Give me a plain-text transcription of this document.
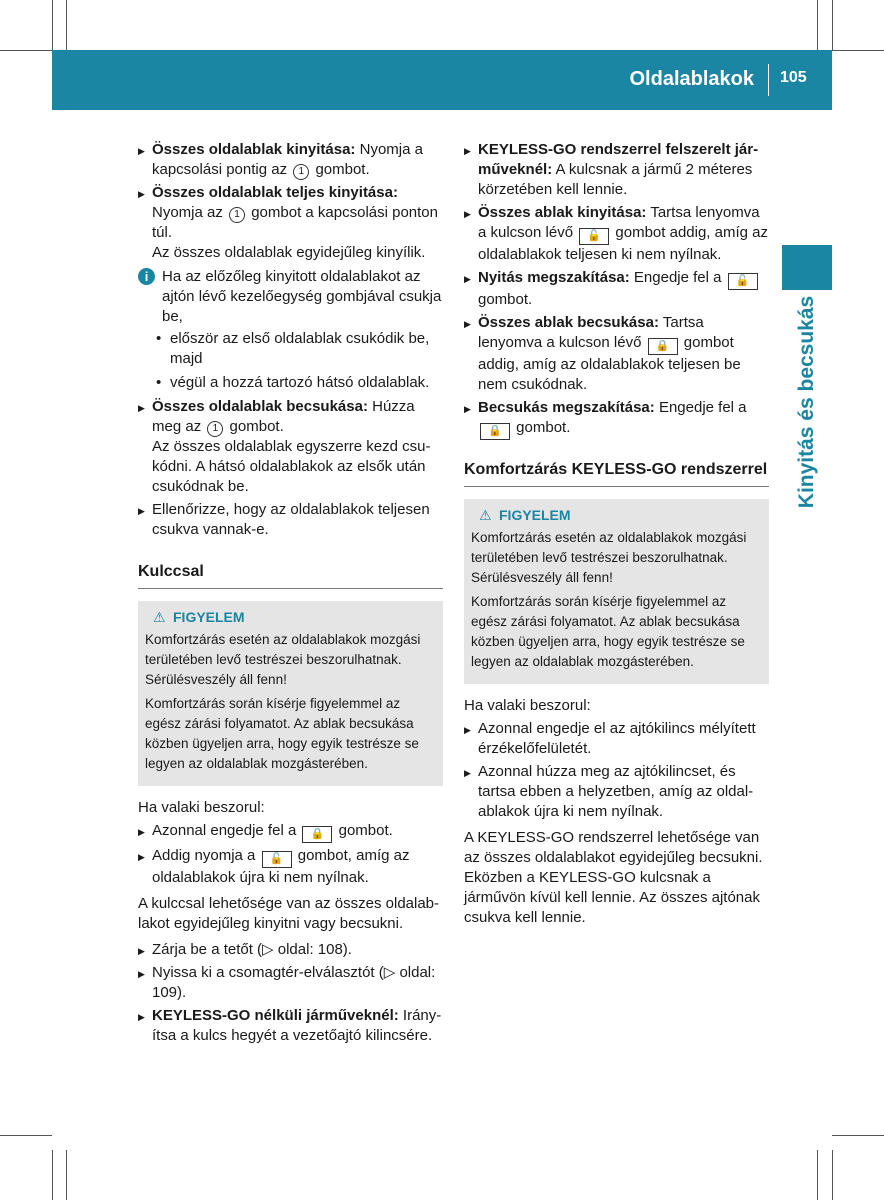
Oldalablakok 105
Kinyitás és becsukás
▶ Összes oldalablak kinyitása: Nyomja a kapcsolási pontig az 1 gombot.
▶ Összes oldalablak teljes kinyitása:
Nyomja az 1 gombot a kapcsolási ponton túl.
Az összes oldalablak egyidejűleg kinyílik.
i Ha az előzőleg kinyitott oldalablakot az ajtón lévő kezelőegység gombjával csukja be,
• először az első oldalablak csukódik be, majd
• végül a hozzá tartozó hátsó oldalablak.
▶ Összes oldalablak becsukása: Húzza meg az 1 gombot.
Az összes oldalablak egyszerre kezd csu-kódni. A hátsó oldalablakok az elsők után csukódnak be.
▶ Ellenőrizze, hogy az oldalablakok teljesen csukva vannak-e.
Kulccsal
⚠ FIGYELEM

Komfortzárás esetén az oldalablakok mozgási területében levő testrészei beszorulhatnak. Sérülésveszély áll fenn!

Komfortzárás során kísérje figyelemmel az egész zárási folyamatot. Az ablak becsukása közben ügyeljen arra, hogy egyik testrésze se legyen az oldalablak mozgásterében.

Ha valaki beszorul:
▶ Azonnal engedje fel a 🔒 gombot.
▶ Addig nyomja a 🔓 gombot, amíg az oldalablakok újra ki nem nyílnak.
A kulccsal lehetősége van az összes oldalab-lakot egyidejűleg kinyitni vagy becsukni.
▶ Zárja be a tetőt (▷ oldal: 108).
▶ Nyissa ki a csomagtér-elválasztót (▷ oldal: 109).
▶ KEYLESS-GO nélküli járműveknél: Irány-ítsa a kulcs hegyét a vezetőajtó kilincsére.
▶ KEYLESS-GO rendszerrel felszerelt jár-műveknél: A kulcsnak a jármű 2 méteres körzetében kell lennie.
▶ Összes ablak kinyitása: Tartsa lenyomva a kulcson lévő 🔓 gombot addig, amíg az oldalablakok teljesen ki nem nyílnak.
▶ Nyitás megszakítása: Engedje fel a 🔓 gombot.
▶ Összes ablak becsukása: Tartsa lenyomva a kulcson lévő 🔒 gombot addig, amíg az oldalablakok teljesen be nem csukódnak.
▶ Becsukás megszakítása: Engedje fel a 🔒 gombot.
Komfortzárás KEYLESS-GO rendszerrel
⚠ FIGYELEM

Komfortzárás esetén az oldalablakok mozgási területében levő testrészei beszorulhatnak. Sérülésveszély áll fenn!

Komfortzárás során kísérje figyelemmel az egész zárási folyamatot. Az ablak becsukása közben ügyeljen arra, hogy egyik testrésze se legyen az oldalablak mozgásterében.

Ha valaki beszorul:
▶ Azonnal engedje el az ajtókilincs mélyített érzékelőfelületét.
▶ Azonnal húzza meg az ajtókilincset, és tartsa ebben a helyzetben, amíg az oldal-ablakok újra ki nem nyílnak.
A KEYLESS-GO rendszerrel lehetősége van az összes oldalablakot egyidejűleg becsukni. Eközben a KEYLESS-GO kulcsnak a járművön kívül kell lennie. Az összes ajtónak csukva kell lennie.
